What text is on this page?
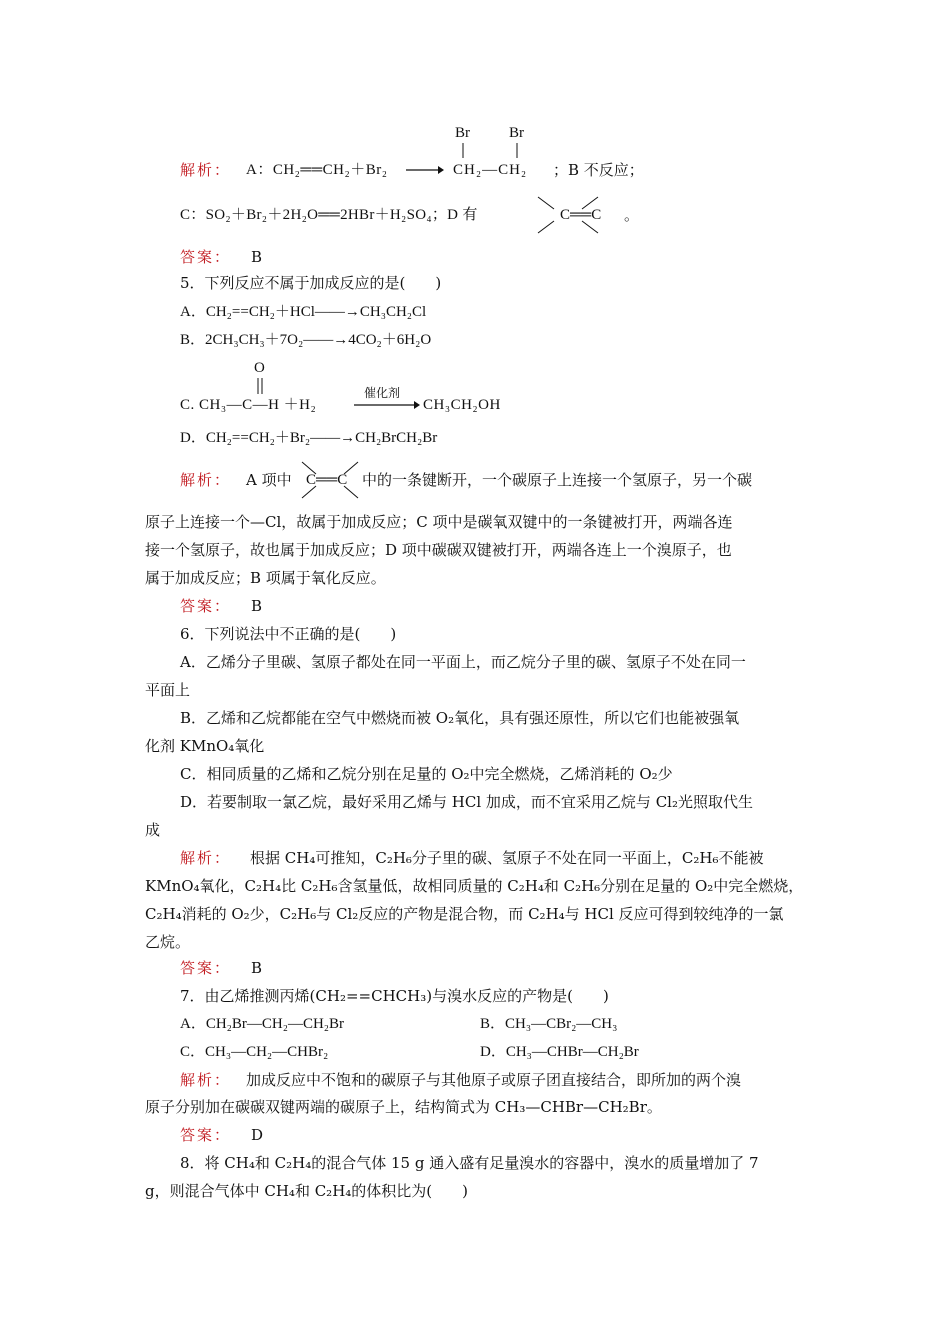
解析： A：CH₂══CH₂＋Br₂ →
Br	Br
CH₂—CH₂ ；B 不反应；
C：SO₂＋Br₂＋2H₂O══2HBr＋H₂SO₄；D 有	C══C 。
答案： B
5．下列反应不属于加成反应的是(　　)
A．CH₂==CH₂＋HCl——→CH₃CH₂Cl
B．2CH₃CH₃＋7O₂——→4CO₂＋6H₂O
O
C. CH₃—C—H ＋H₂
催化剂
CH₃CH₂OH
D．CH₂==CH₂＋Br₂——→CH₂BrCH₂Br
解析： A 项中 C══C 中的一条键断开，一个碳原子上连接一个氢原子，另一个碳
原子上连接一个—Cl，故属于加成反应；C 项中是碳氧双键中的一条键被打开，两端各连
接一个氢原子，故也属于加成反应；D 项中碳碳双键被打开，两端各连上一个溴原子，也
属于加成反应；B 项属于氧化反应。
答案： B
6．下列说法中不正确的是(　　)
A．乙烯分子里碳、氢原子都处在同一平面上，而乙烷分子里的碳、氢原子不处在同一
平面上
B．乙烯和乙烷都能在空气中燃烧而被 O₂氧化，具有强还原性，所以它们也能被强氧
化剂 KMnO₄氧化
C．相同质量的乙烯和乙烷分别在足量的 O₂中完全燃烧，乙烯消耗的 O₂少
D．若要制取一氯乙烷，最好采用乙烯与 HCl 加成，而不宜采用乙烷与 Cl₂光照取代生
成
解析： 根据 CH₄可推知，C₂H₆分子里的碳、氢原子不处在同一平面上，C₂H₆不能被
KMnO₄氧化，C₂H₄比 C₂H₆含氢量低，故相同质量的 C₂H₄和 C₂H₆分别在足量的 O₂中完全燃烧，
C₂H₄消耗的 O₂少，C₂H₆与 Cl₂反应的产物是混合物，而 C₂H₄与 HCl 反应可得到较纯净的一氯
乙烷。
答案： B
7．由乙烯推测丙烯(CH₂==CHCH₃)与溴水反应的产物是(　　)
A．CH₂Br—CH₂—CH₂Br	B．CH₃—CBr₂—CH₃
C．CH₃—CH₂—CHBr₂	D．CH₃—CHBr—CH₂Br
解析： 加成反应中不饱和的碳原子与其他原子或原子团直接结合，即所加的两个溴
原子分别加在碳碳双键两端的碳原子上，结构简式为 CH₃—CHBr—CH₂Br。
答案： D
8．将 CH₄和 C₂H₄的混合气体 15 g 通入盛有足量溴水的容器中，溴水的质量增加了 7
g，则混合气体中 CH₄和 C₂H₄的体积比为(　　)
